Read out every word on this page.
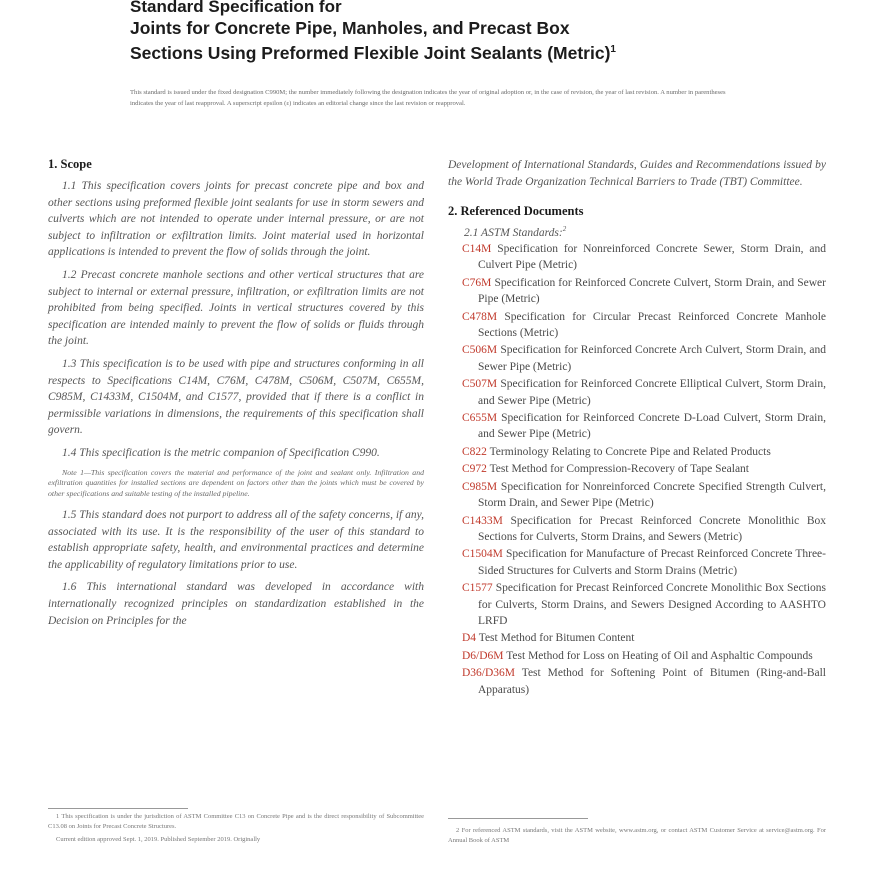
Standard Specification for
Joints for Concrete Pipe, Manholes, and Precast Box
Sections Using Preformed Flexible Joint Sealants (Metric)$^1$
This standard is issued under the fixed designation C990M; the number immediately following the designation indicates the year of original adoption or, in the case of revision, the year of last revision. A number in parentheses indicates the year of last reapproval. A superscript epsilon (ε) indicates an editorial change since the last revision or reapproval.
1. Scope

1.1 This specification covers joints for precast concrete pipe and box and other sections using preformed flexible joint sealants for use in storm sewers and culverts which are not intended to operate under internal pressure, or are not subject to infiltration or exfiltration limits. Joint material used in horizontal applications is intended to prevent the flow of solids through the joint.

1.2 Precast concrete manhole sections and other vertical structures that are subject to internal or external pressure, infiltration, or exfiltration limits are not prohibited from being specified. Joints in vertical structures covered by this specification are intended mainly to prevent the flow of solids or fluids through the joint.

1.3 This specification is to be used with pipe and structures conforming in all respects to Specifications C14M, C76M, C478M, C506M, C507M, C655M, C985M, C1433M, C1504M, and C1577, provided that if there is a conflict in permissible variations in dimensions, the requirements of this specification shall govern.

1.4 This specification is the metric companion of Specification C990.

Note 1—This specification covers the material and performance of the joint and sealant only. Infiltration and exfiltration quantities for installed sections are dependent on factors other than the joints which must be covered by other specifications and suitable testing of the installed pipeline.

1.5 This standard does not purport to address all of the safety concerns, if any, associated with its use. It is the responsibility of the user of this standard to establish appropriate safety, health, and environmental practices and determine the applicability of regulatory limitations prior to use.

1.6 This international standard was developed in accordance with internationally recognized principles on standardization established in the Decision on Principles for the

Development of International Standards, Guides and Recommendations issued by the World Trade Organization Technical Barriers to Trade (TBT) Committee.

2. Referenced Documents
2.1 ASTM Standards:$^2$
C14M Specification for Nonreinforced Concrete Sewer, Storm Drain, and Culvert Pipe (Metric)
C76M Specification for Reinforced Concrete Culvert, Storm Drain, and Sewer Pipe (Metric)
C478M Specification for Circular Precast Reinforced Concrete Manhole Sections (Metric)
C506M Specification for Reinforced Concrete Arch Culvert, Storm Drain, and Sewer Pipe (Metric)
C507M Specification for Reinforced Concrete Elliptical Culvert, Storm Drain, and Sewer Pipe (Metric)
C655M Specification for Reinforced Concrete D-Load Culvert, Storm Drain, and Sewer Pipe (Metric)
C822 Terminology Relating to Concrete Pipe and Related Products
C972 Test Method for Compression-Recovery of Tape Sealant
C985M Specification for Nonreinforced Concrete Specified Strength Culvert, Storm Drain, and Sewer Pipe (Metric)
C1433M Specification for Precast Reinforced Concrete Monolithic Box Sections for Culverts, Storm Drains, and Sewers (Metric)
C1504M Specification for Manufacture of Precast Reinforced Concrete Three-Sided Structures for Culverts and Storm Drains (Metric)
C1577 Specification for Precast Reinforced Concrete Monolithic Box Sections for Culverts, Storm Drains, and Sewers Designed According to AASHTO LRFD
D4 Test Method for Bitumen Content
D6/D6M Test Method for Loss on Heating of Oil and Asphaltic Compounds
D36/D36M Test Method for Softening Point of Bitumen (Ring-and-Ball Apparatus)

1 This specification is under the jurisdiction of ASTM Committee C13 on Concrete Pipe and is the direct responsibility of Subcommittee C13.08 on Joints for Precast Concrete Structures.

Current edition approved Sept. 1, 2019. Published September 2019. Originally

2 For referenced ASTM standards, visit the ASTM website, www.astm.org, or contact ASTM Customer Service at service@astm.org. For Annual Book of ASTM
